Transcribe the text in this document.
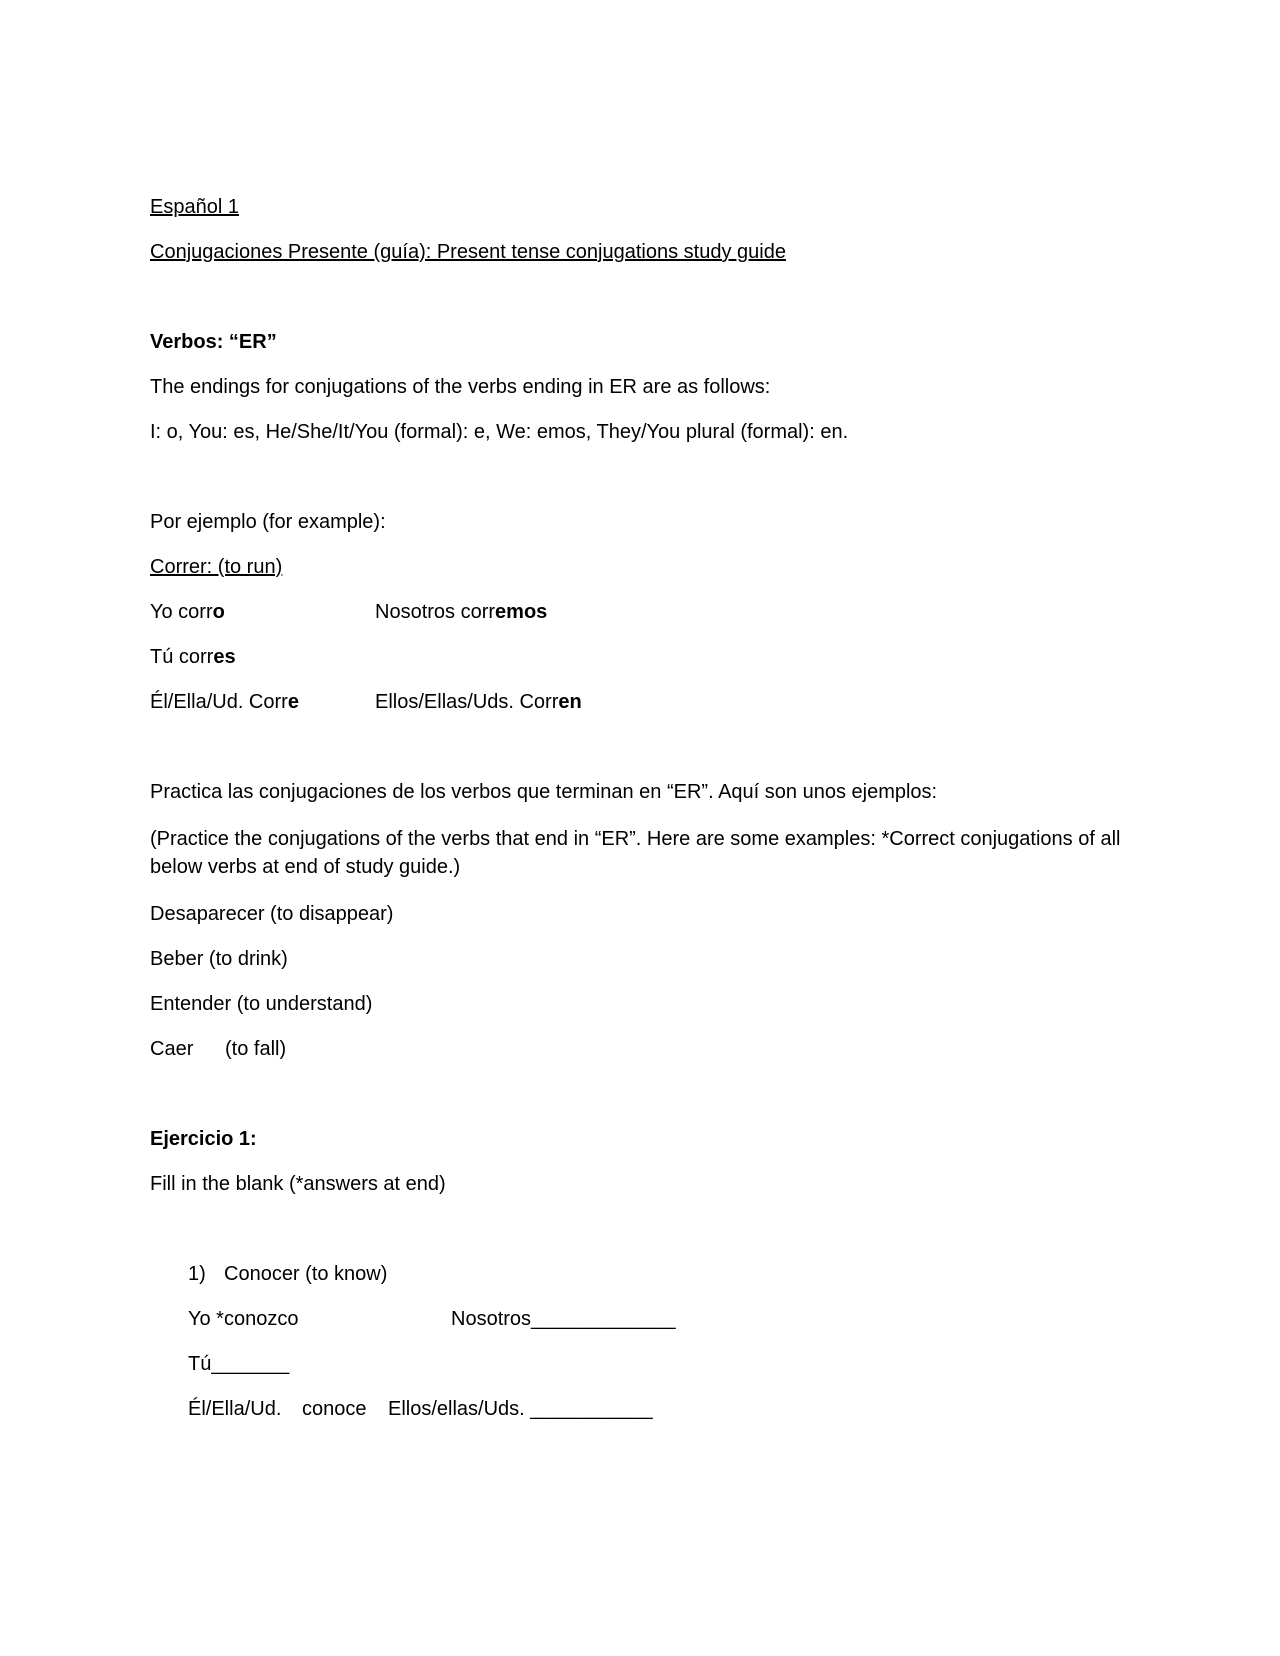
Español 1

Conjugaciones Presente (guía): Present tense conjugations study guide

Verbos: “ER”

The endings for conjugations of the verbs ending in ER are as follows:

I: o, You: es, He/She/It/You (formal): e, We: emos, They/You plural (formal): en.

Por ejemplo (for example):

Correr: (to run)

Yo corro	Nosotros corremos
Tú corres
Él/Ella/Ud. Corre	Ellos/Ellas/Uds. Corren

Practica las conjugaciones de los verbos que terminan en “ER”. Aquí son unos ejemplos:

(Practice the conjugations of the verbs that end in “ER”. Here are some examples: *Correct conjugations of all below verbs at end of study guide.)

Desaparecer (to disappear)

Beber (to drink)

Entender (to understand)

Caer (to fall)

Ejercicio 1:

Fill in the blank (*answers at end)

1) Conocer (to know)

Yo *conozco	Nosotros_____________

Tú_______

Él/Ella/Ud. conoce Ellos/ellas/Uds. ___________
